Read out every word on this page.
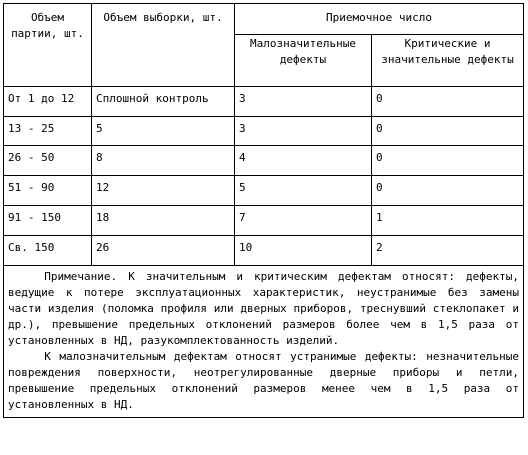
Объем партии, шт.	Объем выборки, шт.	Приемочное число	
		Малозначительные дефекты	Критические и значительные дефекты
От 1 до 12	Сплошной контроль	3	0
13 - 25	5	3	0
26 - 50	8	4	0
51 - 90	12	5	0
91 - 150	18	7	1
Св. 150	26	10	2

Примечание. К значительным и критическим дефектам относят: дефекты, ведущие к потере эксплуатационных характеристик, неустранимые без замены части изделия (поломка профиля или дверных приборов, треснувший стеклопакет и др.), превышение предельных отклонений размеров более чем в 1,5 раза от установленных в НД, разукомплектованность изделий.

К малозначительным дефектам относят устранимые дефекты: незначительные повреждения поверхности, неотрегулированные дверные приборы и петли, превышение предельных отклонений размеров менее чем в 1,5 раза от установленных в НД.			
